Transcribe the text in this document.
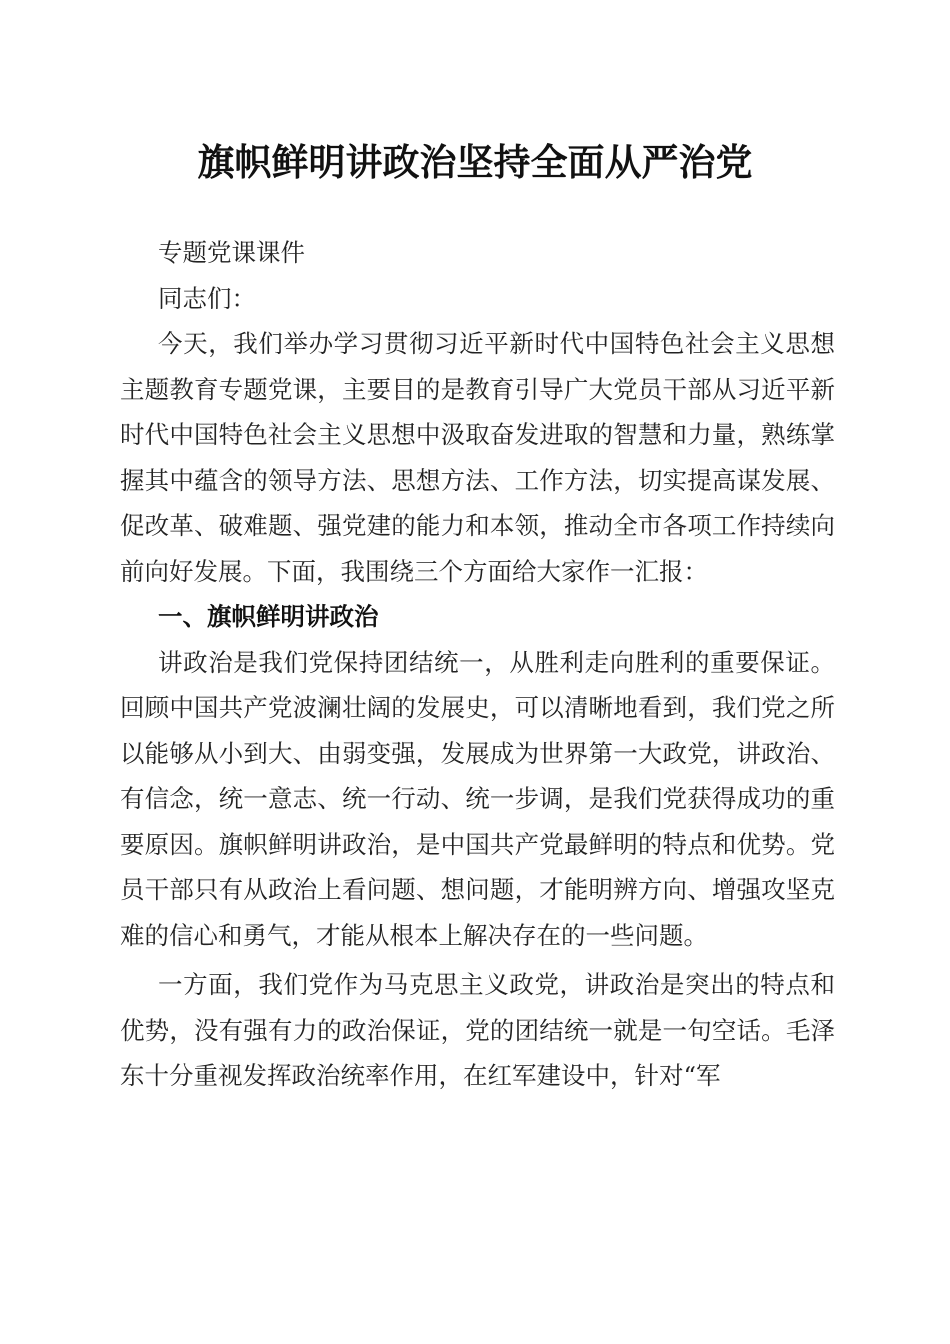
旗帜鲜明讲政治坚持全面从严治党

专题党课课件

同志们：

今天，我们举办学习贯彻习近平新时代中国特色社会主义思想主题教育专题党课，主要目的是教育引导广大党员干部从习近平新时代中国特色社会主义思想中汲取奋发进取的智慧和力量，熟练掌握其中蕴含的领导方法、思想方法、工作方法，切实提高谋发展、促改革、破难题、强党建的能力和本领，推动全市各项工作持续向前向好发展。下面，我围绕三个方面给大家作一汇报：

一、旗帜鲜明讲政治

讲政治是我们党保持团结统一，从胜利走向胜利的重要保证。回顾中国共产党波澜壮阔的发展史，可以清晰地看到，我们党之所以能够从小到大、由弱变强，发展成为世界第一大政党，讲政治、有信念，统一意志、统一行动、统一步调，是我们党获得成功的重要原因。旗帜鲜明讲政治，是中国共产党最鲜明的特点和优势。党员干部只有从政治上看问题、想问题，才能明辨方向、增强攻坚克难的信心和勇气，才能从根本上解决存在的一些问题。

一方面，我们党作为马克思主义政党，讲政治是突出的特点和优势，没有强有力的政治保证，党的团结统一就是一句空话。毛泽东十分重视发挥政治统率作用，在红军建设中，针对“军
